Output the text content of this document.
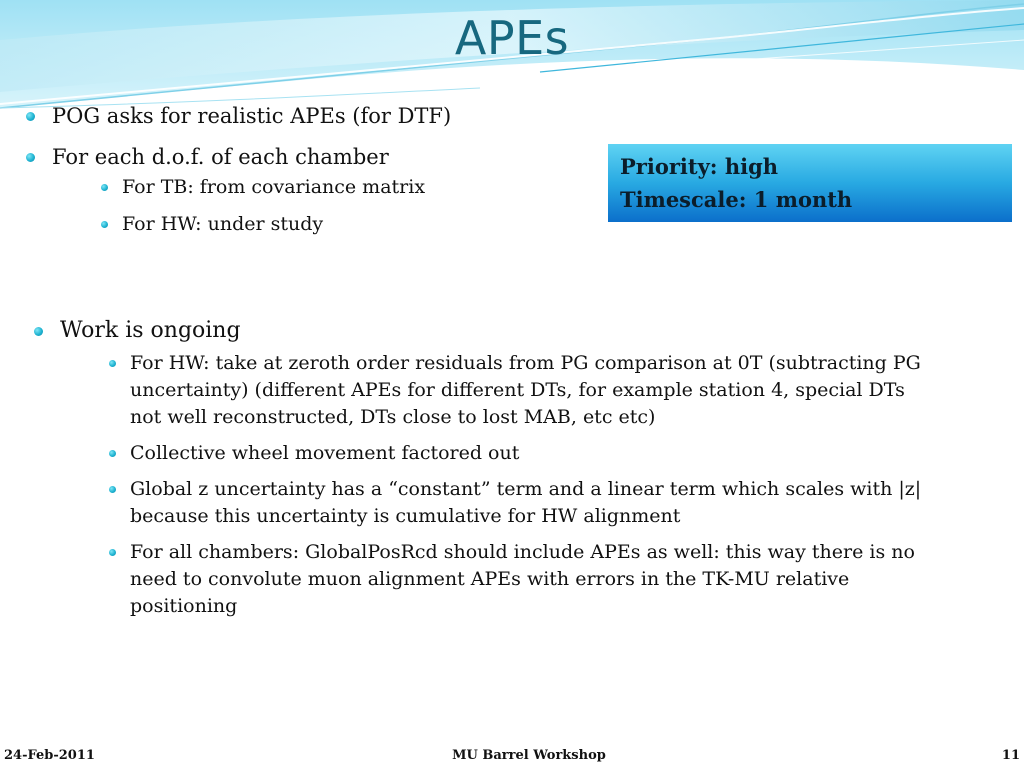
APEs
POG asks for realistic APEs (for DTF)
For each d.o.f. of each chamber
For TB: from covariance matrix
For HW: under study
Priority: high
Timescale: 1 month
Work is ongoing
For HW: take at zeroth order residuals from PG comparison at 0T (subtracting PG uncertainty) (different APEs for different DTs, for example station 4, special DTs not well reconstructed, DTs close to lost MAB, etc etc)
Collective wheel movement factored out
Global z uncertainty has a “constant” term and a linear term which scales with |z| because this uncertainty is cumulative for HW alignment
For all chambers: GlobalPosRcd should include APEs as well: this way there is no need to convolute muon alignment APEs with errors in the TK-MU relative positioning
24-Feb-2011	MU Barrel Workshop	11
